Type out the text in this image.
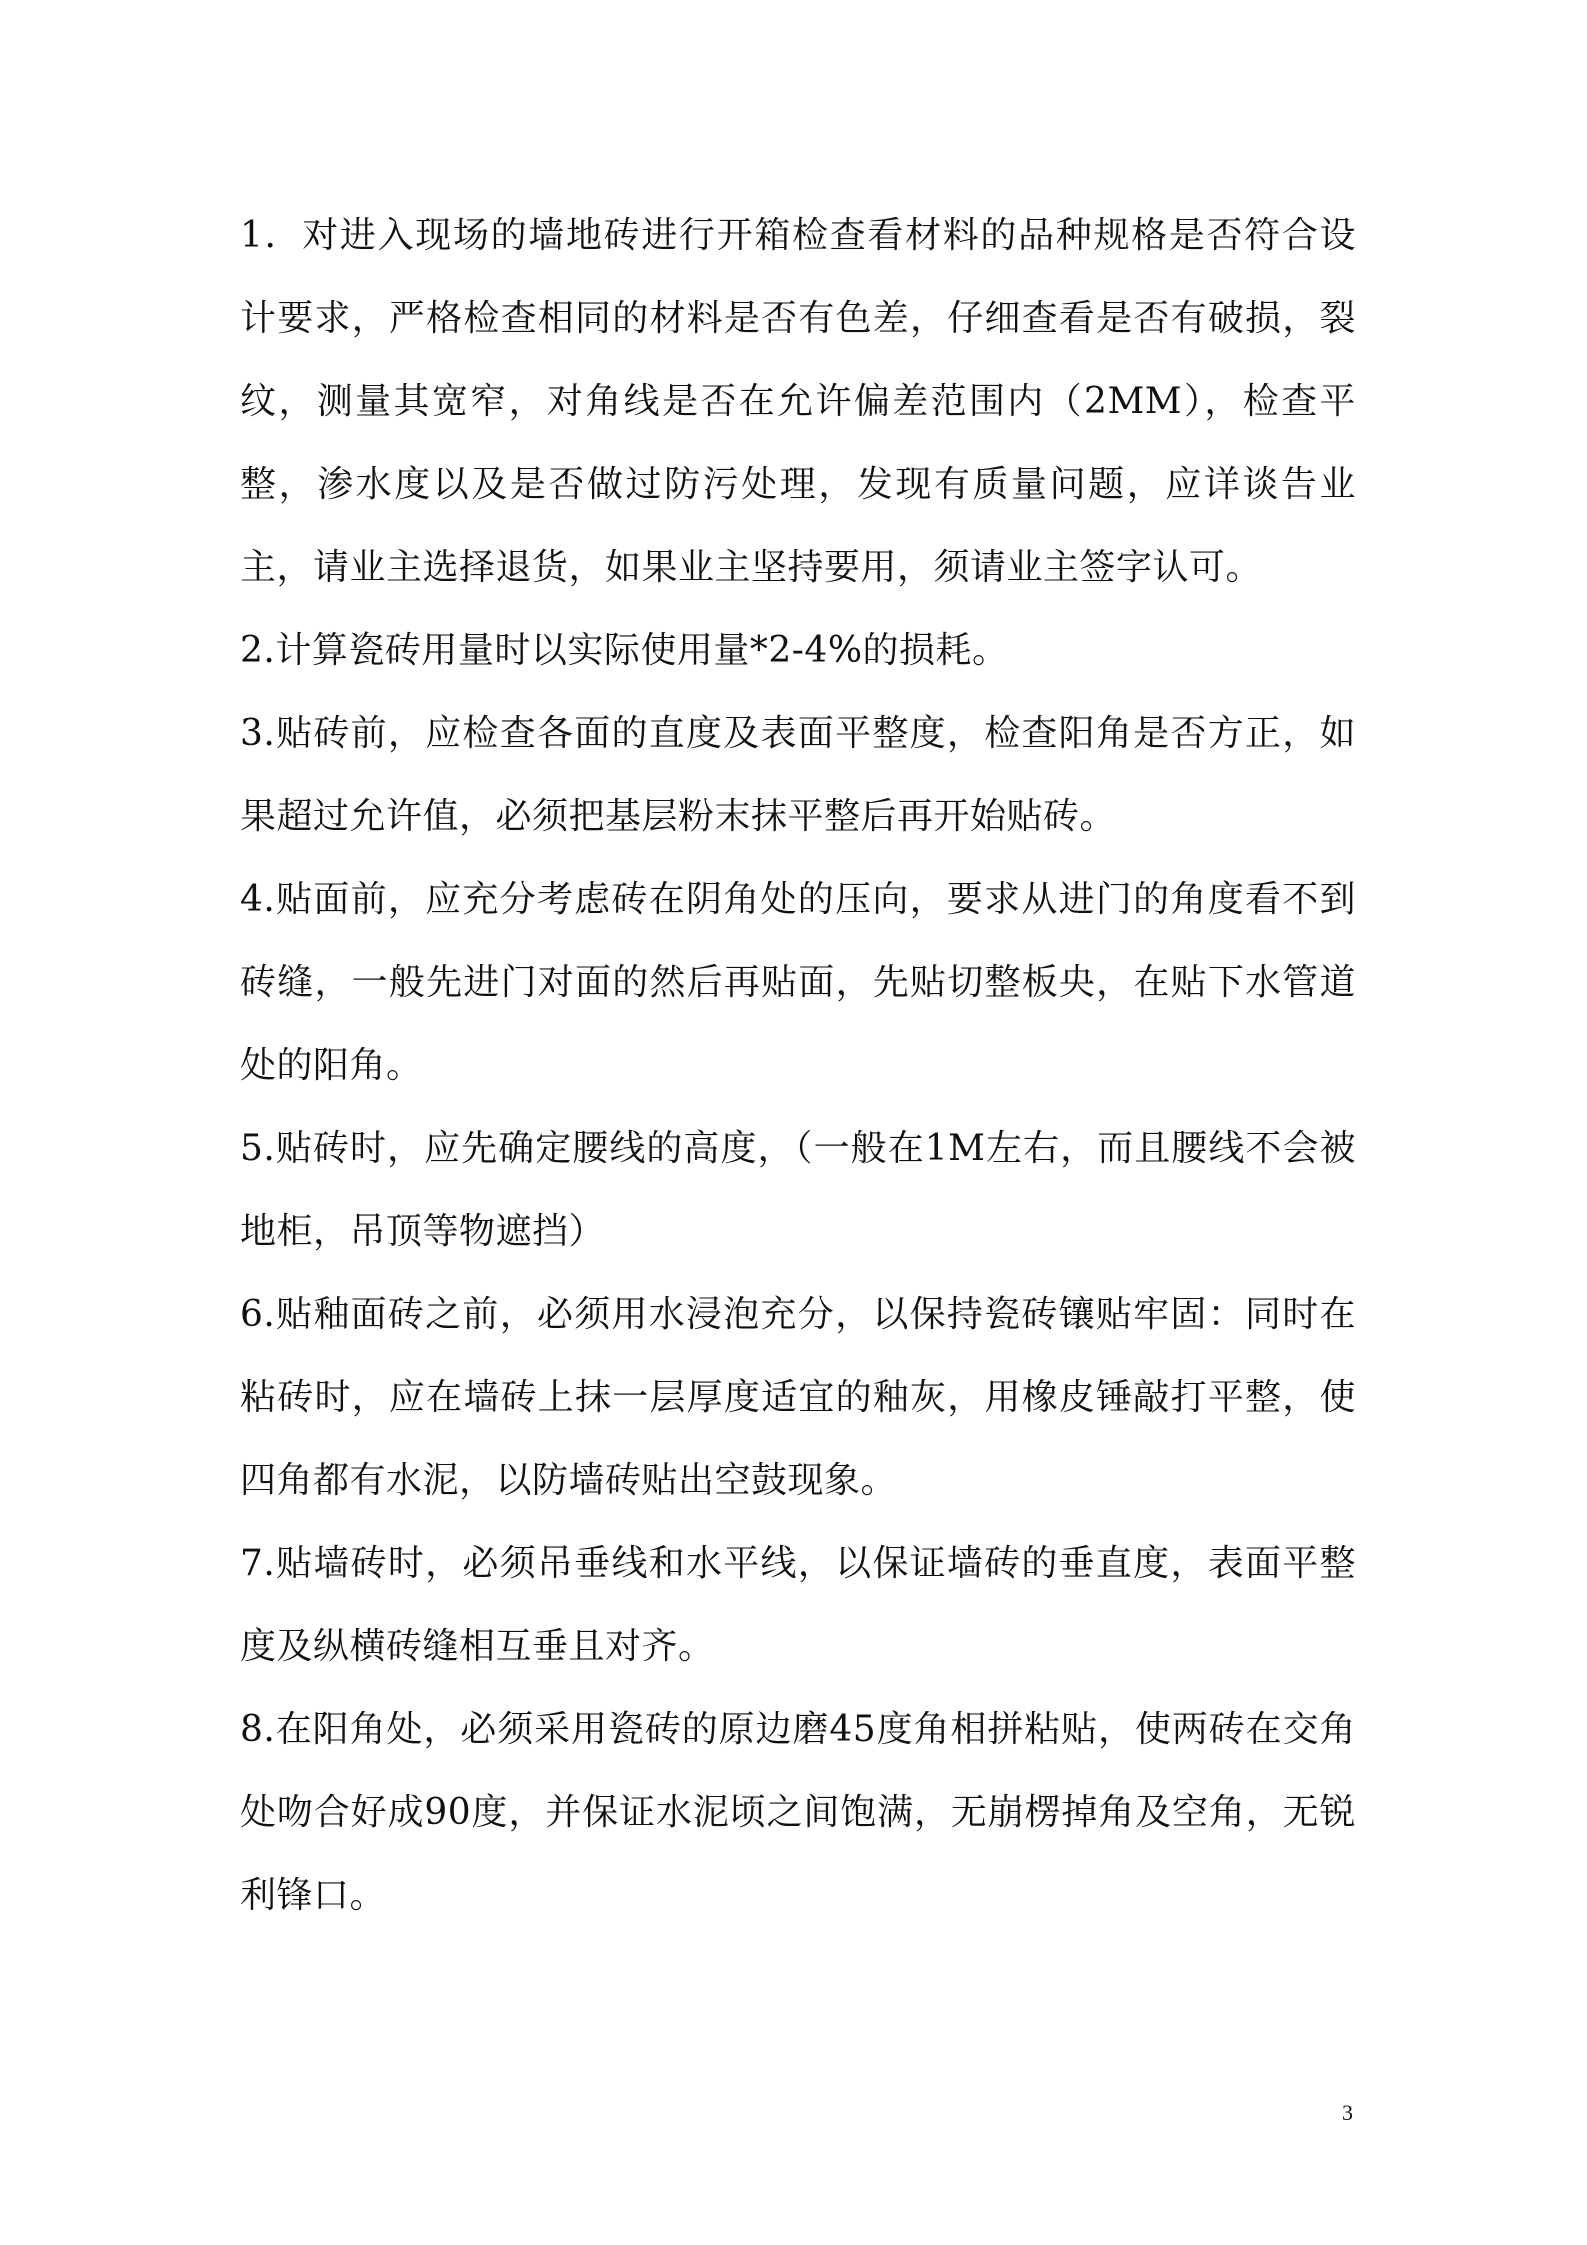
1．对进入现场的墙地砖进行开箱检查看材料的品种规格是否符合设计要求，严格检查相同的材料是否有色差，仔细查看是否有破损，裂纹，测量其宽窄，对角线是否在允许偏差范围内（2MM），检查平整，渗水度以及是否做过防污处理，发现有质量问题，应详谈告业主，请业主选择退货，如果业主坚持要用，须请业主签字认可。

2.计算瓷砖用量时以实际使用量*2-4%的损耗。

3.贴砖前，应检查各面的直度及表面平整度，检查阳角是否方正，如果超过允许值，必须把基层粉末抹平整后再开始贴砖。

4.贴面前，应充分考虑砖在阴角处的压向，要求从进门的角度看不到砖缝，一般先进门对面的然后再贴面，先贴切整板央，在贴下水管道处的阳角。

5.贴砖时，应先确定腰线的高度，（一般在1M左右，而且腰线不会被地柜，吊顶等物遮挡）

6.贴釉面砖之前，必须用水浸泡充分，以保持瓷砖镶贴牢固：同时在粘砖时，应在墙砖上抹一层厚度适宜的釉灰，用橡皮锤敲打平整，使四角都有水泥，以防墙砖贴出空鼓现象。

7.贴墙砖时，必须吊垂线和水平线，以保证墙砖的垂直度，表面平整度及纵横砖缝相互垂且对齐。

8.在阳角处，必须采用瓷砖的原边磨45度角相拼粘贴，使两砖在交角处吻合好成90度，并保证水泥顷之间饱满，无崩楞掉角及空角，无锐利锋口。

3
